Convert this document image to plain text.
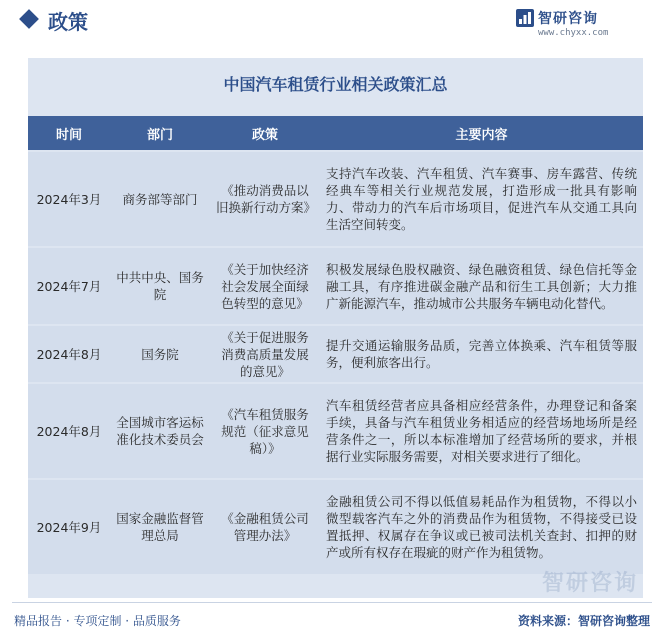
政策	智研咨询
www.chyxx.com
中国汽车租赁行业相关政策汇总
时间	部门	政策	主要内容
2024年3月	商务部等部门	《推动消费品以旧换新行动方案》	支持汽车改装、汽车租赁、汽车赛事、房车露营、传统经典车等相关行业规范发展，打造形成一批具有影响力、带动力的汽车后市场项目，促进汽车从交通工具向生活空间转变。
2024年7月	中共中央、国务院	《关于加快经济社会发展全面绿色转型的意见》	积极发展绿色股权融资、绿色融资租赁、绿色信托等金融工具，有序推进碳金融产品和衍生工具创新；大力推广新能源汽车，推动城市公共服务车辆电动化替代。
2024年8月	国务院	《关于促进服务消费高质量发展的意见》	提升交通运输服务品质，完善立体换乘、汽车租赁等服务，便利旅客出行。
2024年8月	全国城市客运标准化技术委员会	《汽车租赁服务规范（征求意见稿）》	汽车租赁经营者应具备相应经营条件，办理登记和备案手续，具备与汽车租赁业务相适应的经营场地场所是经营条件之一，所以本标准增加了经营场所的要求，并根据行业实际服务需要，对相关要求进行了细化。
2024年9月	国家金融监督管理总局	《金融租赁公司管理办法》	金融租赁公司不得以低值易耗品作为租赁物，不得以小微型载客汽车之外的消费品作为租赁物，不得接受已设置抵押、权属存在争议或已被司法机关查封、扣押的财产或所有权存在瑕疵的财产作为租赁物。
智研咨询
精品报告 · 专项定制 · 品质服务	资料来源：智研咨询整理
